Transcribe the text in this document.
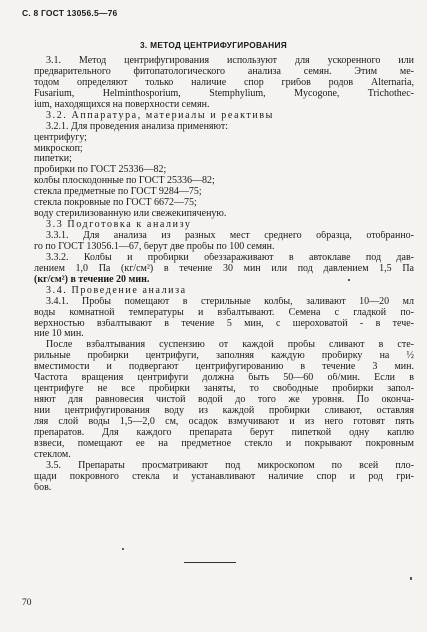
С. 8 ГОСТ 13056.5—76
3. МЕТОД ЦЕНТРИФУГИРОВАНИЯ
3.1. Метод центрифугирования используют для ускоренного или
предварительного фитопатологического анализа семян. Этим ме-
тодом определяют только наличие спор грибов родов Alternaria,
Fusarium, Helminthosporium, Stemphylium, Mycogone, Trichothec-
ium, находящихся на поверхности семян.
3.2. Аппаратура, материалы и реактивы
3.2.1. Для проведения анализа применяют:
центрифугу;
микроскоп;
пипетки;
пробирки по ГОСТ 25336—82;
колбы плоскодонные по ГОСТ 25336—82;
стекла предметные по ГОСТ 9284—75;
стекла покровные по ГОСТ 6672—75;
воду стерилизованную или свежекипяченую.
3.3 Подготовка к анализу
3.3.1. Для анализа из разных мест среднего образца, отобранно-
го по ГОСТ 13056.1—67, берут две пробы по 100 семян.
3.3.2. Колбы и пробирки обеззараживают в автоклаве под дав-
лением 1,0 Па (кг/см²) в течение 30 мин или под давлением 1,5 Па
(кг/см²) в течение 20 мин.
3.4. Проведение анализа
3.4.1. Пробы помещают в стерильные колбы, заливают 10—20 мл
воды комнатной температуры и взбалтывают. Семена с гладкой по-
верхностью взбалтывают в течение 5 мин, с шероховатой - в тече-
ние 10 мин.
После взбалтывания суспензию от каждой пробы сливают в сте-
рильные пробирки центрифуги, заполняя каждую пробирку на ½
вместимости и подвергают центрифугированию в течение 3 мин.
Частота вращения центрифуги должна быть 50—60 об/мин. Если в
центрифуге не все пробирки заняты, то свободные пробирки запол-
няют для равновесия чистой водой до того же уровня. По оконча-
нии центрифугирования воду из каждой пробирки сливают, оставляя
ляя слой воды 1,5—2,0 см, осадок взмучивают и из него готовят пять
препаратов. Для каждого препарата берут пипеткой одну каплю
взвеси, помещают ее на предметное стекло и покрывают покровным
стеклом.
3.5. Препараты просматривают под микроскопом по всей пло-
щади покровного стекла и устанавливают наличие спор и род гри-
бов.
70
